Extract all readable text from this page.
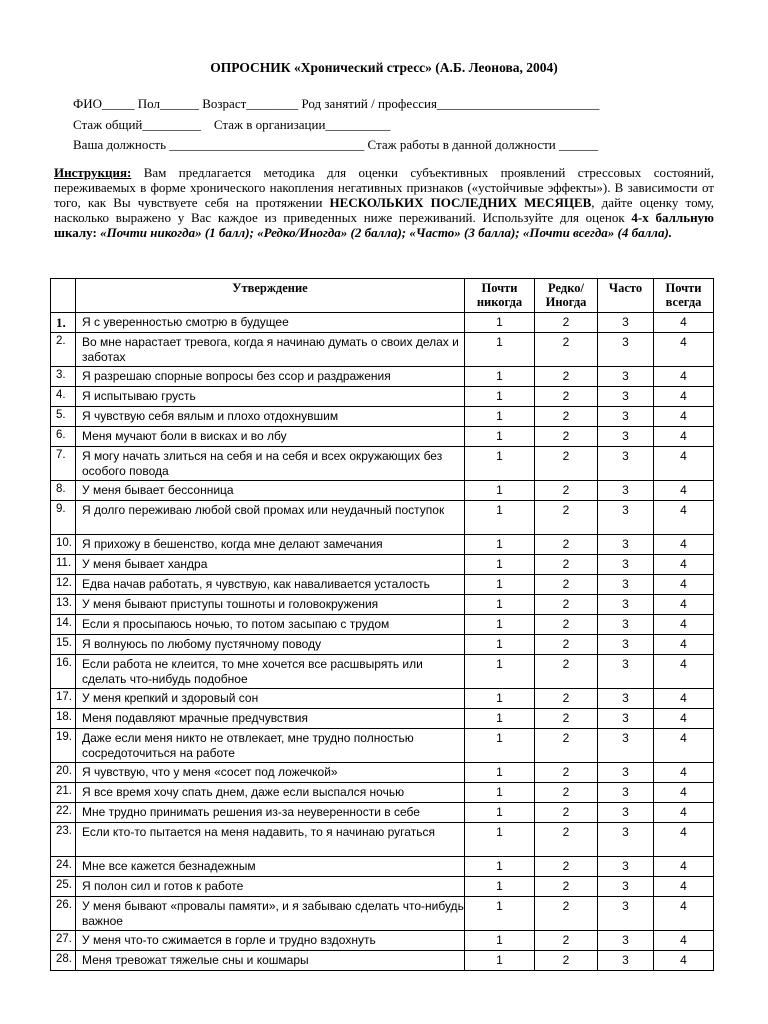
ОПРОСНИК «Хронический стресс» (А.Б. Леонова, 2004)
ФИО_____ Пол______ Возраст________ Род занятий / профессия_________________________
Стаж общий_________    Стаж в организации__________
Ваша должность ______________________________ Стаж работы в данной должности ______
Инструкция: Вам предлагается методика для оценки субъективных проявлений стрессовых состояний, переживаемых в форме хронического накопления негативных признаков («устойчивые эффекты»). В зависимости от того, как Вы чувствуете себя на протяжении НЕСКОЛЬКИХ ПОСЛЕДНИХ МЕСЯЦЕВ, дайте оценку тому, насколько выражено у Вас каждое из приведенных ниже переживаний. Используйте для оценок 4-х балльную шкалу: «Почти никогда» (1 балл); «Редко/Иногда» (2 балла); «Часто» (3 балла); «Почти всегда» (4 балла).
	Утверждение	Почти никогда	Редко/ Иногда	Часто	Почти всегда
1.	Я с уверенностью смотрю в будущее	1	2	3	4
2.	Во мне нарастает тревога, когда я начинаю думать о своих делах и заботах	1	2	3	4
3.	Я разрешаю спорные вопросы без ссор и раздражения	1	2	3	4
4.	Я испытываю грусть	1	2	3	4
5.	Я чувствую себя вялым и плохо отдохнувшим	1	2	3	4
6.	Меня мучают боли в висках и во лбу	1	2	3	4
7.	Я могу начать злиться на себя и на себя и всех окружающих без особого повода	1	2	3	4
8.	У меня бывает бессонница	1	2	3	4
9.	Я долго переживаю любой свой промах или неудачный поступок	1	2	3	4
10.	Я прихожу в бешенство, когда мне делают замечания	1	2	3	4
11.	У меня бывает хандра	1	2	3	4
12.	Едва начав работать, я чувствую, как наваливается усталость	1	2	3	4
13.	У меня бывают приступы тошноты и головокружения	1	2	3	4
14.	Если я просыпаюсь ночью, то потом засыпаю с трудом	1	2	3	4
15.	Я волнуюсь по любому пустячному поводу	1	2	3	4
16.	Если работа не клеится, то мне хочется все расшвырять или сделать что-нибудь подобное	1	2	3	4
17.	У меня крепкий и здоровый сон	1	2	3	4
18.	Меня подавляют мрачные предчувствия	1	2	3	4
19.	Даже если меня никто не отвлекает, мне трудно полностью сосредоточиться на работе	1	2	3	4
20.	Я чувствую, что у меня «сосет под ложечкой»	1	2	3	4
21.	Я все время хочу спать днем, даже если выспался ночью	1	2	3	4
22.	Мне трудно принимать решения из-за неуверенности в себе	1	2	3	4
23.	Если кто-то пытается на меня надавить, то я начинаю ругаться	1	2	3	4
24.	Мне все кажется безнадежным	1	2	3	4
25.	Я полон сил и готов к работе	1	2	3	4
26.	У меня бывают «провалы памяти», и я забываю сделать что-нибудь важное	1	2	3	4
27.	У меня что-то сжимается в горле и трудно вздохнуть	1	2	3	4
28.	Меня тревожат тяжелые сны и кошмары	1	2	3	4
